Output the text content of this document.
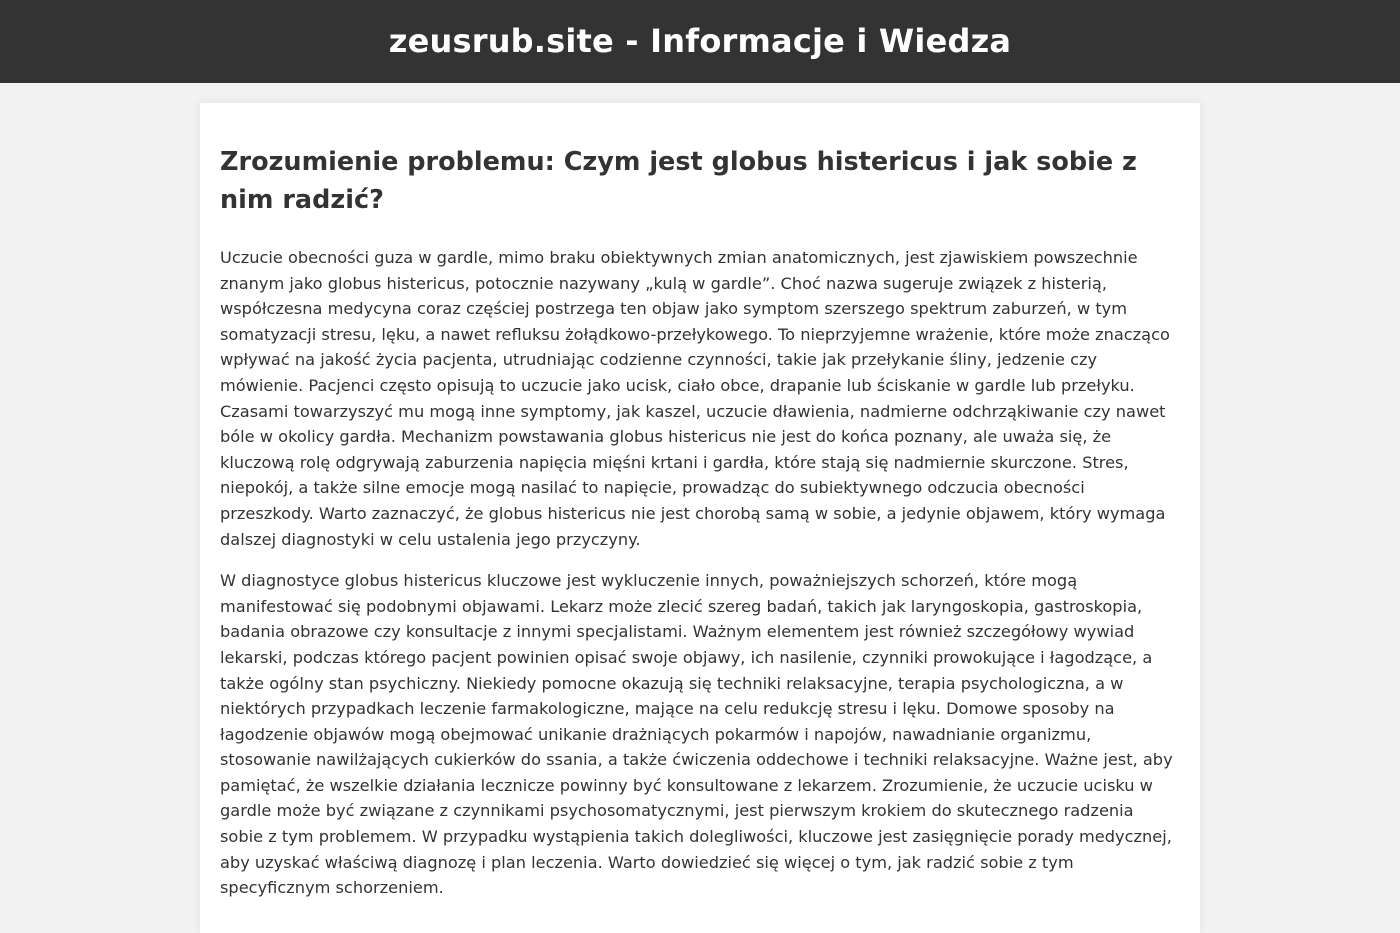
zeusrub.site - Informacje i Wiedza
Zrozumienie problemu: Czym jest globus histericus i jak sobie z nim radzić?

Uczucie obecności guza w gardle, mimo braku obiektywnych zmian anatomicznych, jest zjawiskiem powszechnie znanym jako globus histericus, potocznie nazywany „kulą w gardle”. Choć nazwa sugeruje związek z histerią, współczesna medycyna coraz częściej postrzega ten objaw jako symptom szerszego spektrum zaburzeń, w tym somatyzacji stresu, lęku, a nawet refluksu żołądkowo-przełykowego. To nieprzyjemne wrażenie, które może znacząco wpływać na jakość życia pacjenta, utrudniając codzienne czynności, takie jak przełykanie śliny, jedzenie czy mówienie. Pacjenci często opisują to uczucie jako ucisk, ciało obce, drapanie lub ściskanie w gardle lub przełyku. Czasami towarzyszyć mu mogą inne symptomy, jak kaszel, uczucie dławienia, nadmierne odchrząkiwanie czy nawet bóle w okolicy gardła. Mechanizm powstawania globus histericus nie jest do końca poznany, ale uważa się, że kluczową rolę odgrywają zaburzenia napięcia mięśni krtani i gardła, które stają się nadmiernie skurczone. Stres, niepokój, a także silne emocje mogą nasilać to napięcie, prowadząc do subiektywnego odczucia obecności przeszkody. Warto zaznaczyć, że globus histericus nie jest chorobą samą w sobie, a jedynie objawem, który wymaga dalszej diagnostyki w celu ustalenia jego przyczyny.

W diagnostyce globus histericus kluczowe jest wykluczenie innych, poważniejszych schorzeń, które mogą manifestować się podobnymi objawami. Lekarz może zlecić szereg badań, takich jak laryngoskopia, gastroskopia, badania obrazowe czy konsultacje z innymi specjalistami. Ważnym elementem jest również szczegółowy wywiad lekarski, podczas którego pacjent powinien opisać swoje objawy, ich nasilenie, czynniki prowokujące i łagodzące, a także ogólny stan psychiczny. Niekiedy pomocne okazują się techniki relaksacyjne, terapia psychologiczna, a w niektórych przypadkach leczenie farmakologiczne, mające na celu redukcję stresu i lęku. Domowe sposoby na łagodzenie objawów mogą obejmować unikanie drażniących pokarmów i napojów, nawadnianie organizmu, stosowanie nawilżających cukierków do ssania, a także ćwiczenia oddechowe i techniki relaksacyjne. Ważne jest, aby pamiętać, że wszelkie działania lecznicze powinny być konsultowane z lekarzem. Zrozumienie, że uczucie ucisku w gardle może być związane z czynnikami psychosomatycznymi, jest pierwszym krokiem do skutecznego radzenia sobie z tym problemem. W przypadku wystąpienia takich dolegliwości, kluczowe jest zasięgnięcie porady medycznej, aby uzyskać właściwą diagnozę i plan leczenia. Warto dowiedzieć się więcej o tym, jak radzić sobie z tym specyficznym schorzeniem.
